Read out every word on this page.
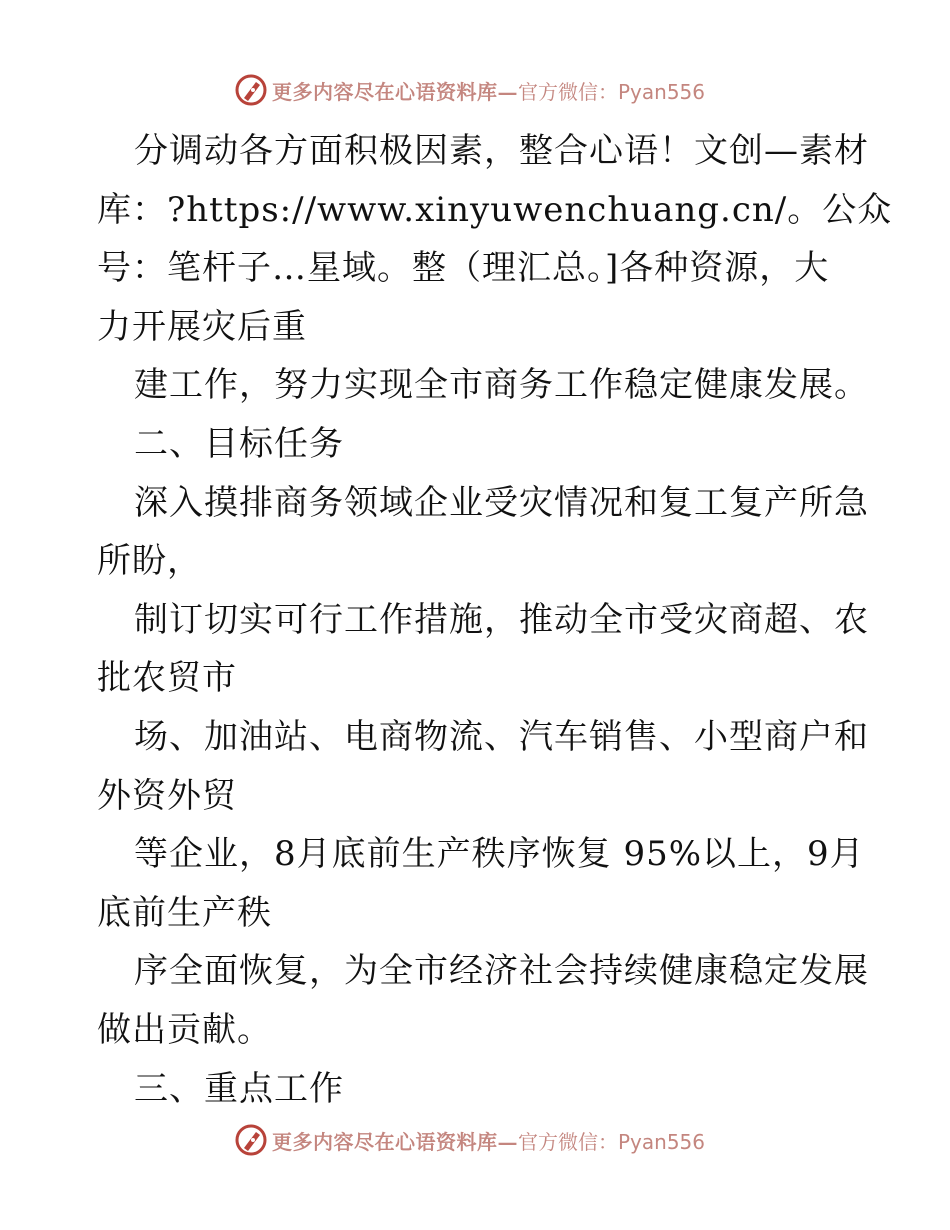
更多内容尽在心语资料库— 官方微信：Pyan556
分调动各方面积极因素，整合心语！文创—素材
库：?https://www.xinyuwenchuang.cn/。公众
号：笔杆子…星域。整（理汇总。]各种资源，大
力开展灾后重
建工作，努力实现全市商务工作稳定健康发展。
二、目标任务
深入摸排商务领域企业受灾情况和复工复产所急
所盼，
制订切实可行工作措施，推动全市受灾商超、农
批农贸市
场、加油站、电商物流、汽车销售、小型商户和
外资外贸
等企业，8月底前生产秩序恢复 95%以上，9月
底前生产秩
序全面恢复，为全市经济社会持续健康稳定发展
做出贡献。
三、重点工作
更多内容尽在心语资料库— 官方微信：Pyan556
